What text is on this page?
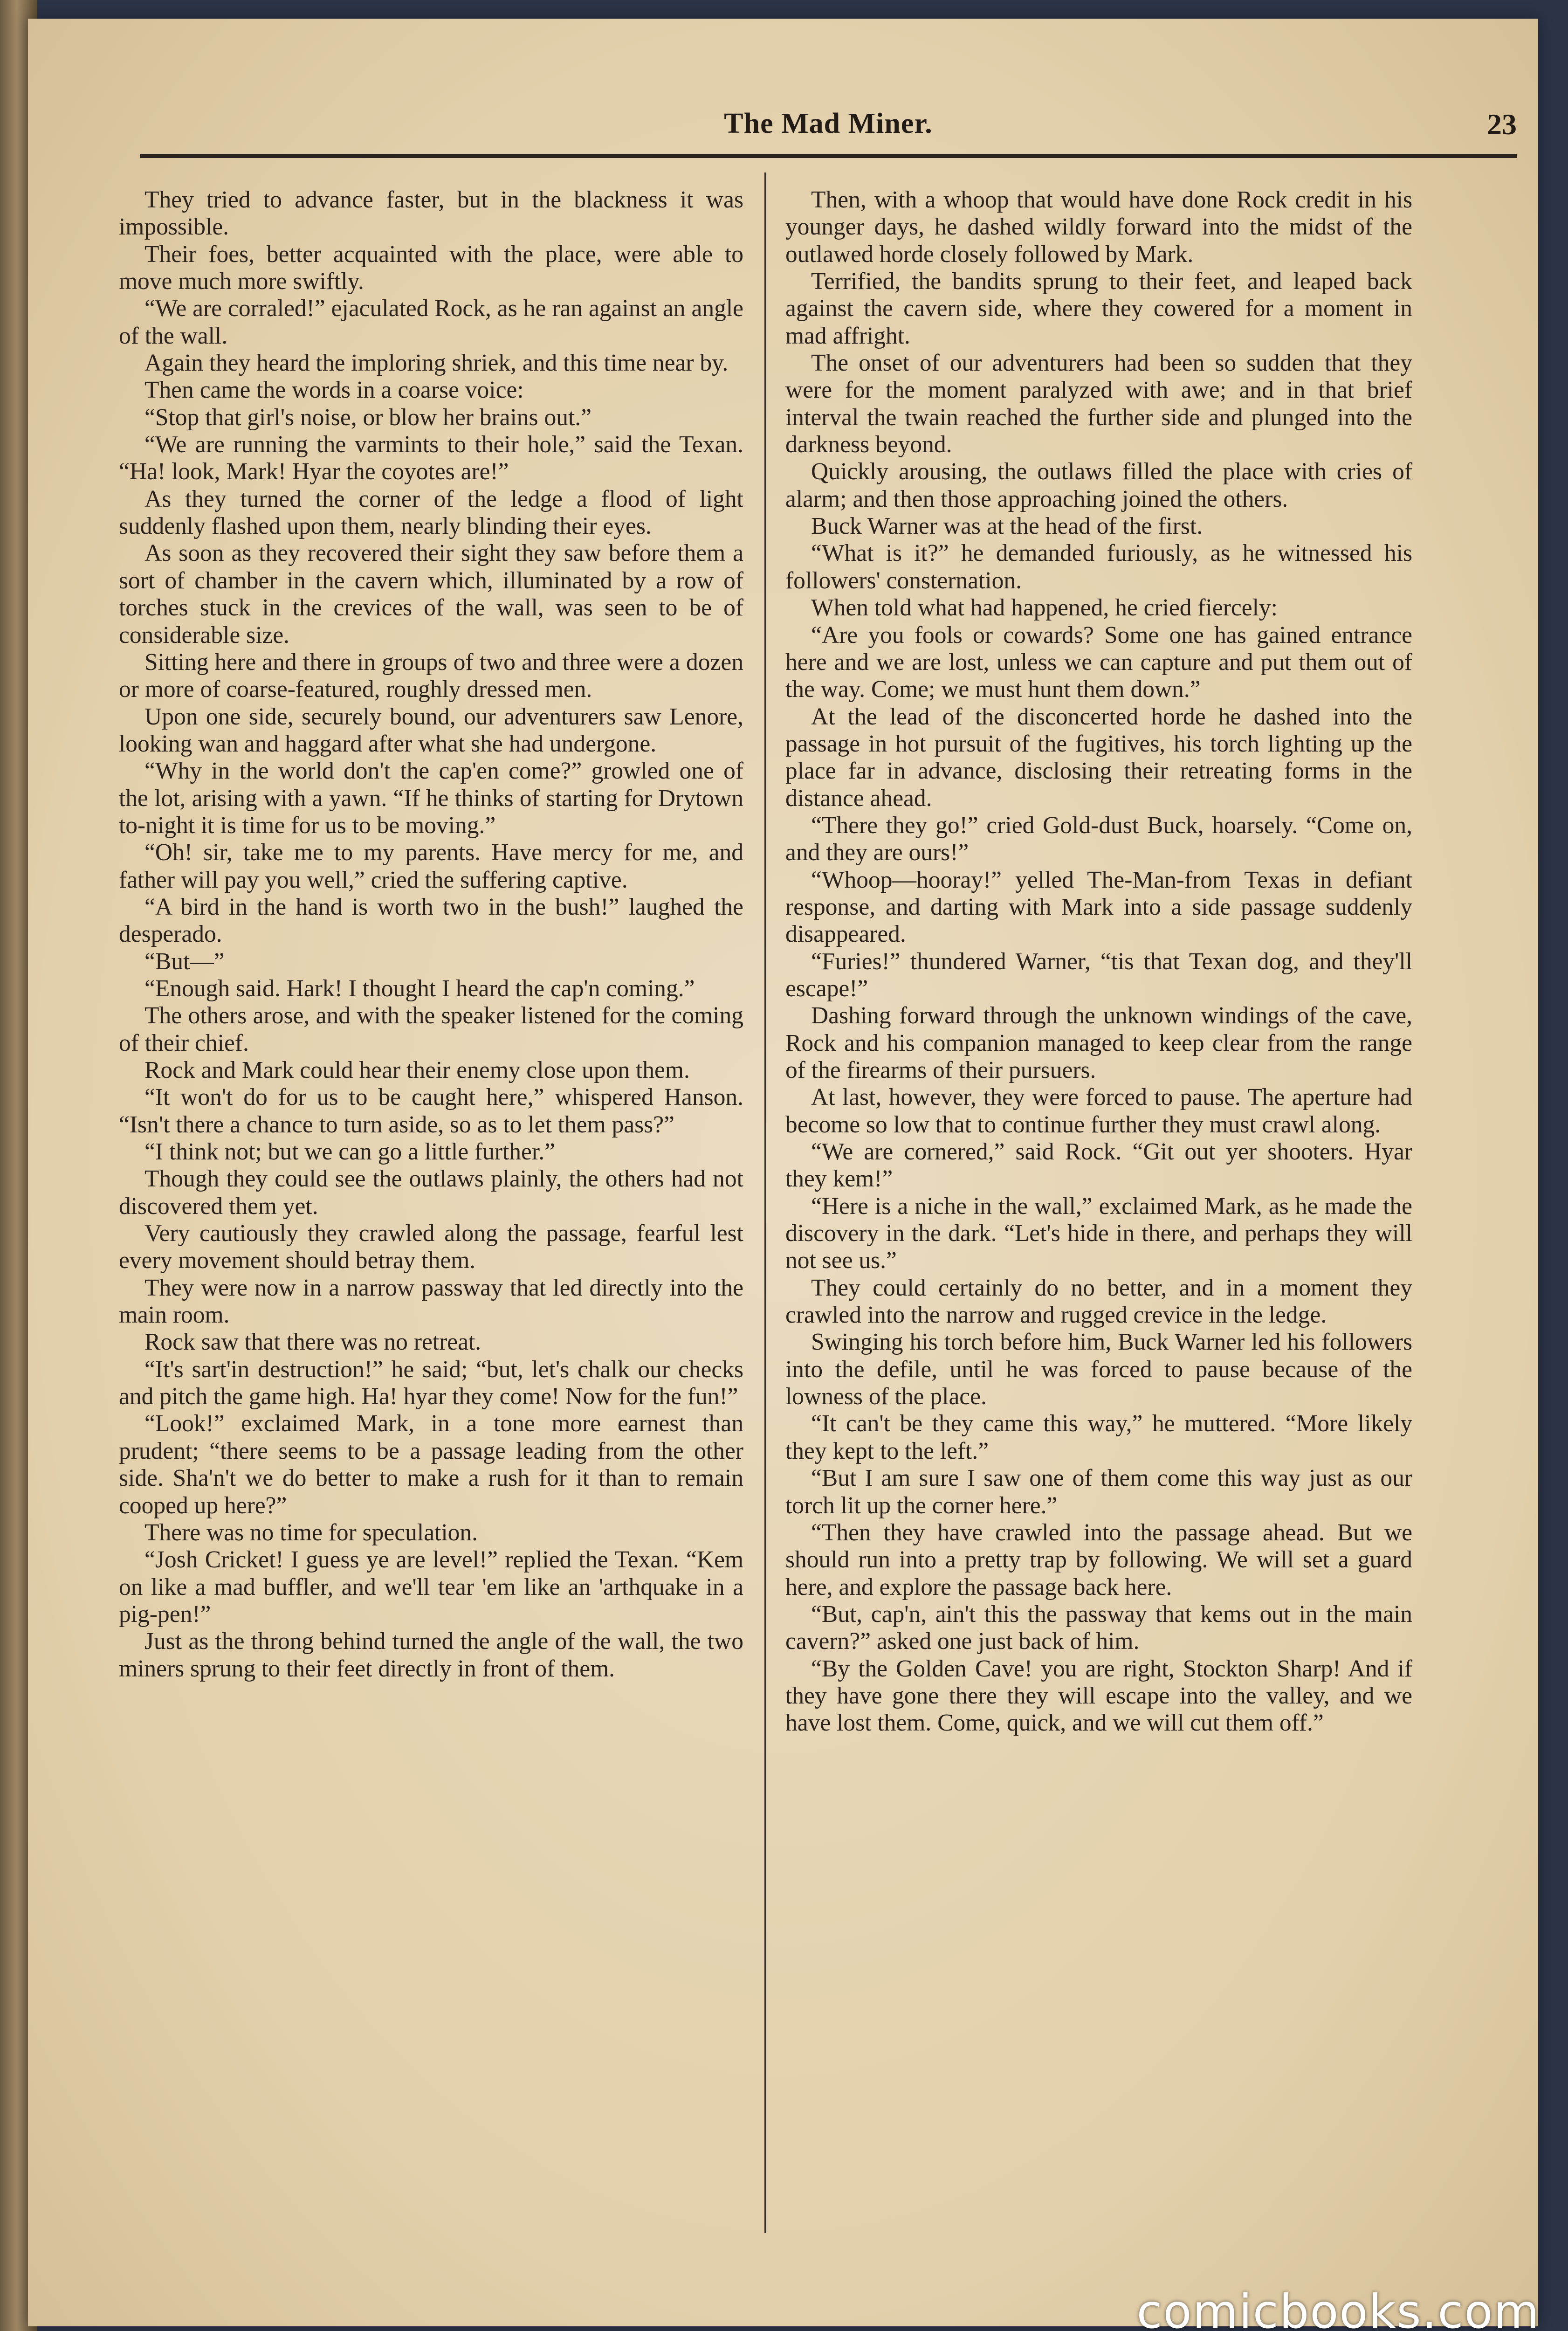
The Mad Miner.	23

They tried to advance faster, but in the blackness it was impossible.

Their foes, better acquainted with the place, were able to move much more swiftly.

“We are corraled!” ejaculated Rock, as he ran against an angle of the wall.

Again they heard the imploring shriek, and this time near by.

Then came the words in a coarse voice:

“Stop that girl's noise, or blow her brains out.”

“We are running the varmints to their hole,” said the Texan. “Ha! look, Mark! Hyar the coyotes are!”

As they turned the corner of the ledge a flood of light suddenly flashed upon them, nearly blinding their eyes.

As soon as they recovered their sight they saw before them a sort of chamber in the cavern which, illuminated by a row of torches stuck in the crevices of the wall, was seen to be of considerable size.

Sitting here and there in groups of two and three were a dozen or more of coarse-featured, roughly dressed men.

Upon one side, securely bound, our adventurers saw Lenore, looking wan and haggard after what she had undergone.

“Why in the world don't the cap'en come?” growled one of the lot, arising with a yawn. “If he thinks of starting for Drytown to-night it is time for us to be moving.”

“Oh! sir, take me to my parents. Have mercy for me, and father will pay you well,” cried the suffering captive.

“A bird in the hand is worth two in the bush!” laughed the desperado.

“But—”

“Enough said. Hark! I thought I heard the cap'n coming.”

The others arose, and with the speaker listened for the coming of their chief.

Rock and Mark could hear their enemy close upon them.

“It won't do for us to be caught here,” whispered Hanson. “Isn't there a chance to turn aside, so as to let them pass?”

“I think not; but we can go a little further.”

Though they could see the outlaws plainly, the others had not discovered them yet.

Very cautiously they crawled along the passage, fearful lest every movement should betray them.

They were now in a narrow passway that led directly into the main room.

Rock saw that there was no retreat.

“It's sart'in destruction!” he said; “but, let's chalk our checks and pitch the game high. Ha! hyar they come! Now for the fun!”

“Look!” exclaimed Mark, in a tone more earnest than prudent; “there seems to be a passage leading from the other side. Sha'n't we do better to make a rush for it than to remain cooped up here?”

There was no time for speculation.

“Josh Cricket! I guess ye are level!” replied the Texan. “Kem on like a mad buffler, and we'll tear 'em like an 'arthquake in a pig-pen!”

Just as the throng behind turned the angle of the wall, the two miners sprung to their feet directly in front of them.

Then, with a whoop that would have done Rock credit in his younger days, he dashed wildly forward into the midst of the outlawed horde closely followed by Mark.

Terrified, the bandits sprung to their feet, and leaped back against the cavern side, where they cowered for a moment in mad affright.

The onset of our adventurers had been so sudden that they were for the moment paralyzed with awe; and in that brief interval the twain reached the further side and plunged into the darkness beyond.

Quickly arousing, the outlaws filled the place with cries of alarm; and then those approaching joined the others.

Buck Warner was at the head of the first.

“What is it?” he demanded furiously, as he witnessed his followers' consternation.

When told what had happened, he cried fiercely:

“Are you fools or cowards? Some one has gained entrance here and we are lost, unless we can capture and put them out of the way. Come; we must hunt them down.”

At the lead of the disconcerted horde he dashed into the passage in hot pursuit of the fugitives, his torch lighting up the place far in advance, disclosing their retreating forms in the distance ahead.

“There they go!” cried Gold-dust Buck, hoarsely. “Come on, and they are ours!”

“Whoop—hooray!” yelled The-Man-from Texas in defiant response, and darting with Mark into a side passage suddenly disappeared.

“Furies!” thundered Warner, “tis that Texan dog, and they'll escape!”

Dashing forward through the unknown windings of the cave, Rock and his companion managed to keep clear from the range of the firearms of their pursuers.

At last, however, they were forced to pause. The aperture had become so low that to continue further they must crawl along.

“We are cornered,” said Rock. “Git out yer shooters. Hyar they kem!”

“Here is a niche in the wall,” exclaimed Mark, as he made the discovery in the dark. “Let's hide in there, and perhaps they will not see us.”

They could certainly do no better, and in a moment they crawled into the narrow and rugged crevice in the ledge.

Swinging his torch before him, Buck Warner led his followers into the defile, until he was forced to pause because of the lowness of the place.

“It can't be they came this way,” he muttered. “More likely they kept to the left.”

“But I am sure I saw one of them come this way just as our torch lit up the corner here.”

“Then they have crawled into the passage ahead. But we should run into a pretty trap by following. We will set a guard here, and explore the passage back here.

“But, cap'n, ain't this the passway that kems out in the main cavern?” asked one just back of him.

“By the Golden Cave! you are right, Stockton Sharp! And if they have gone there they will escape into the valley, and we have lost them. Come, quick, and we will cut them off.”

comicbooks.com
